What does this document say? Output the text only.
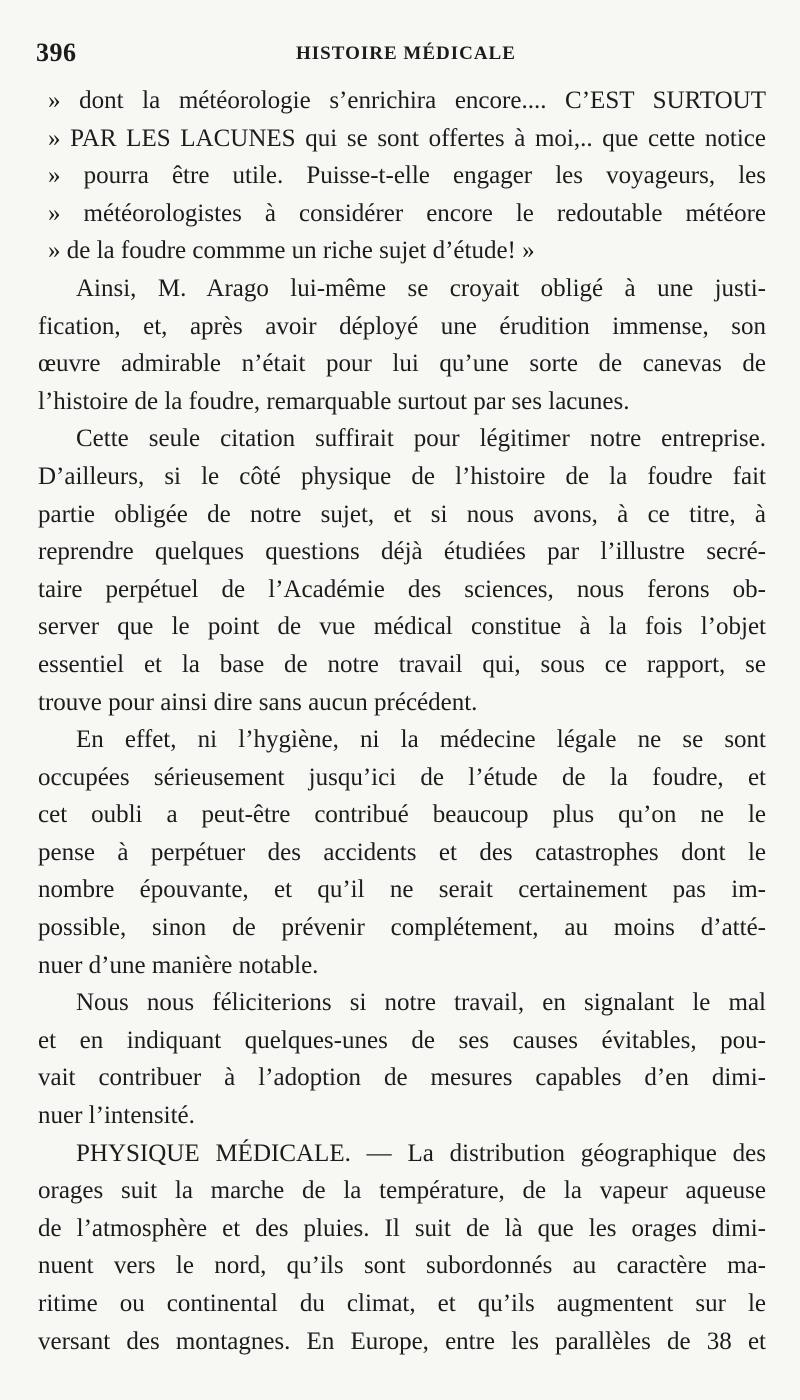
396	HISTOIRE MÉDICALE
» dont la météorologie s’enrichira encore.... C’EST SURTOUT
» PAR LES LACUNES qui se sont offertes à moi,.. que cette notice
» pourra être utile. Puisse-t-elle engager les voyageurs, les
» météorologistes à considérer encore le redoutable météore
» de la foudre commme un riche sujet d’étude! »
Ainsi, M. Arago lui-même se croyait obligé à une justi-
fication, et, après avoir déployé une érudition immense, son
œuvre admirable n’était pour lui qu’une sorte de canevas de
l’histoire de la foudre, remarquable surtout par ses lacunes.
Cette seule citation suffirait pour légitimer notre entreprise.
D’ailleurs, si le côté physique de l’histoire de la foudre fait
partie obligée de notre sujet, et si nous avons, à ce titre, à
reprendre quelques questions déjà étudiées par l’illustre secré-
taire perpétuel de l’Académie des sciences, nous ferons ob-
server que le point de vue médical constitue à la fois l’objet
essentiel et la base de notre travail qui, sous ce rapport, se
trouve pour ainsi dire sans aucun précédent.
En effet, ni l’hygiène, ni la médecine légale ne se sont
occupées sérieusement jusqu’ici de l’étude de la foudre, et
cet oubli a peut-être contribué beaucoup plus qu’on ne le
pense à perpétuer des accidents et des catastrophes dont le
nombre épouvante, et qu’il ne serait certainement pas im-
possible, sinon de prévenir complétement, au moins d’atté-
nuer d’une manière notable.
Nous nous féliciterions si notre travail, en signalant le mal
et en indiquant quelques-unes de ses causes évitables, pou-
vait contribuer à l’adoption de mesures capables d’en dimi-
nuer l’intensité.
PHYSIQUE MÉDICALE. — La distribution géographique des
orages suit la marche de la température, de la vapeur aqueuse
de l’atmosphère et des pluies. Il suit de là que les orages dimi-
nuent vers le nord, qu’ils sont subordonnés au caractère ma-
ritime ou continental du climat, et qu’ils augmentent sur le
versant des montagnes. En Europe, entre les parallèles de 38 et
